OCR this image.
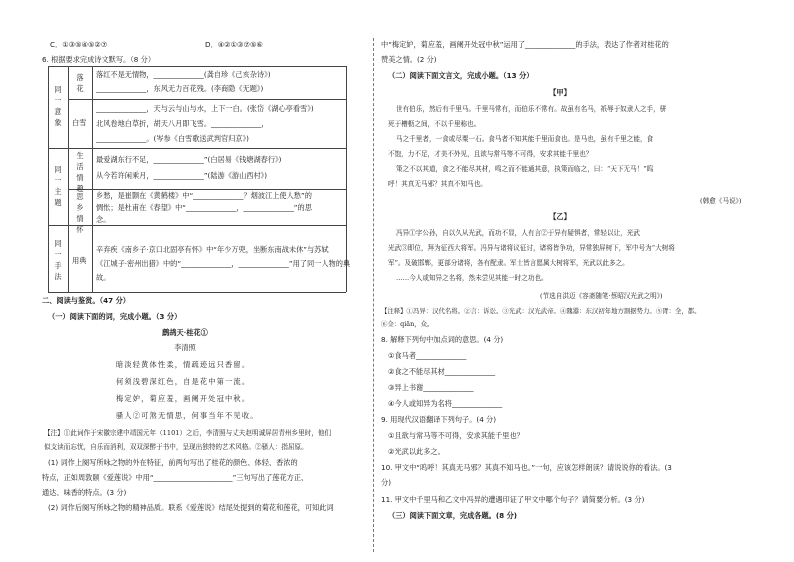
C．①③⑤④⑤②⑦	D．④②①③⑦⑤⑥
6. 根据要求完成诗文默写。（8 分）
同一意象
同一主题
同一手法
落花
白雪
生活情趣
思乡情怀
用典
落红不是无情物，______________(龚自珍《己亥杂诗》)
______________，东风无力百花残。(李商隐《无题》)
______________，天与云与山与水，上下一白。(张岱《湖心亭看雪》)
北风卷地白草折，胡天八月即飞雪。______________，
______________。(岑参《白雪歌送武判官归京》)
最爱湖东行不足，______________”(白居易《钱塘湖春行》)
从今若许闲乘月，______________”(陆游《游山西村》)
乡愁，是崔颢在《黄鹤楼》中“______________？烟波江上使人愁”的
惆怅；是杜甫在《春望》中“______________，______________”的思
念。
辛弃疾《南乡子·京口北固亭有怀》中“年少万兜，坐断东南战未休”与苏轼
《江城子·密州出猎》中的“______________，______________”用了同一人物的典
故。
二、阅读与鉴赏。（47 分）
（一）阅读下面的词，完成小题。（3 分）
鹧鸪天·桂花①
李清照
暗淡轻黄体性柔，情疏迹远只香留。
何须浅碧深红色，自是花中第一流。
梅定妒，菊应羞，画阑开处冠中秋。
骚人②可煞无情思，何事当年不见收。
【注】①此词作于宋徽宗建中靖国元年（1101）之后，李清照与丈夫赵明诚屏居青州乡里时，他们
似支读而忘忧，自乐而消利，双双深醉于书中，呈现出独特的艺术风格。②骚人：指屈原。
(1) 词作上阕写所咏之物的外在特征，前两句写出了桂花的颜色、体轻、香浓的
特点，正如周敦颐《爱莲说》中用“______________________”三句写出了莲花方正、
通达、味香的特点。(3 分)
(2) 词作后阕写所咏之物的精神品质。联系《爱莲说》结尾处提到的菊花和莲花，可知此词
中“梅定妒，菊应羞，画阑开处冠中秋”运用了______________的手法，表达了作者对桂花的
赞美之情。(2 分)
（二）阅读下面文言文，完成小题。（13 分）
【甲】
世有伯乐，然后有千里马。千里马常有，而伯乐不常有。故虽有名马，祇辱于奴隶人之手，骈
死于槽枥之间，不以千里称也。
马之千里者，一食或尽粟一石。食马者不知其能千里而食也。是马也，虽有千里之能，食
不饱，力不足，才美不外见，且欲与常马等不可得，安求其能千里也？
策之不以其道，食之不能尽其材，鸣之而不能通其意，执策而临之，曰：“天下无马！”呜
呼！其真无马邪？其真不知马也。
(韩愈《马说》)
【乙】
冯异①字公孙，自以久从光武，而功不显，人有言②于异有疑惧者，常轻以让，光武
光武③即位，拜为征西大将军。冯异与诸将议征讨，诸将皆争功，异常独屏树下，军中号为“大树将
军”。及破邯郸，更部分诸将，各有配隶。军士皆言愿属大树将军，光武以此多之。
……今人或知异之名将，然未尝见其能一时之功也。
(节选自洪迈《容斋随笔·蔡昭汉光武之明》)
【注释】①冯异：汉代名将。②言：诉讼。③光武：汉光武帝。④隗嚣：东汉初年地方割据势力。⑤胥：全，都。
⑥佥：qiān，众。
8. 解释下列句中加点词的意思。(4 分)
①食马者______________
②食之不能尽其材______________
③异上书谢______________
④今人或知异为名将______________
9. 用现代汉语翻译下列句子。(4 分)
①且欲与常马等不可得，安求其能千里也？
②光武以此多之。
10. 甲文中“呜呼！其真无马邪？其真不知马也。”一句，应该怎样朗读？请说说你的看法。(3
分)
11. 甲文中千里马和乙文中冯异的遭遇印证了甲文中哪个句子？请简要分析。(3 分)
（三）阅读下面文章，完成各题。(8 分)
